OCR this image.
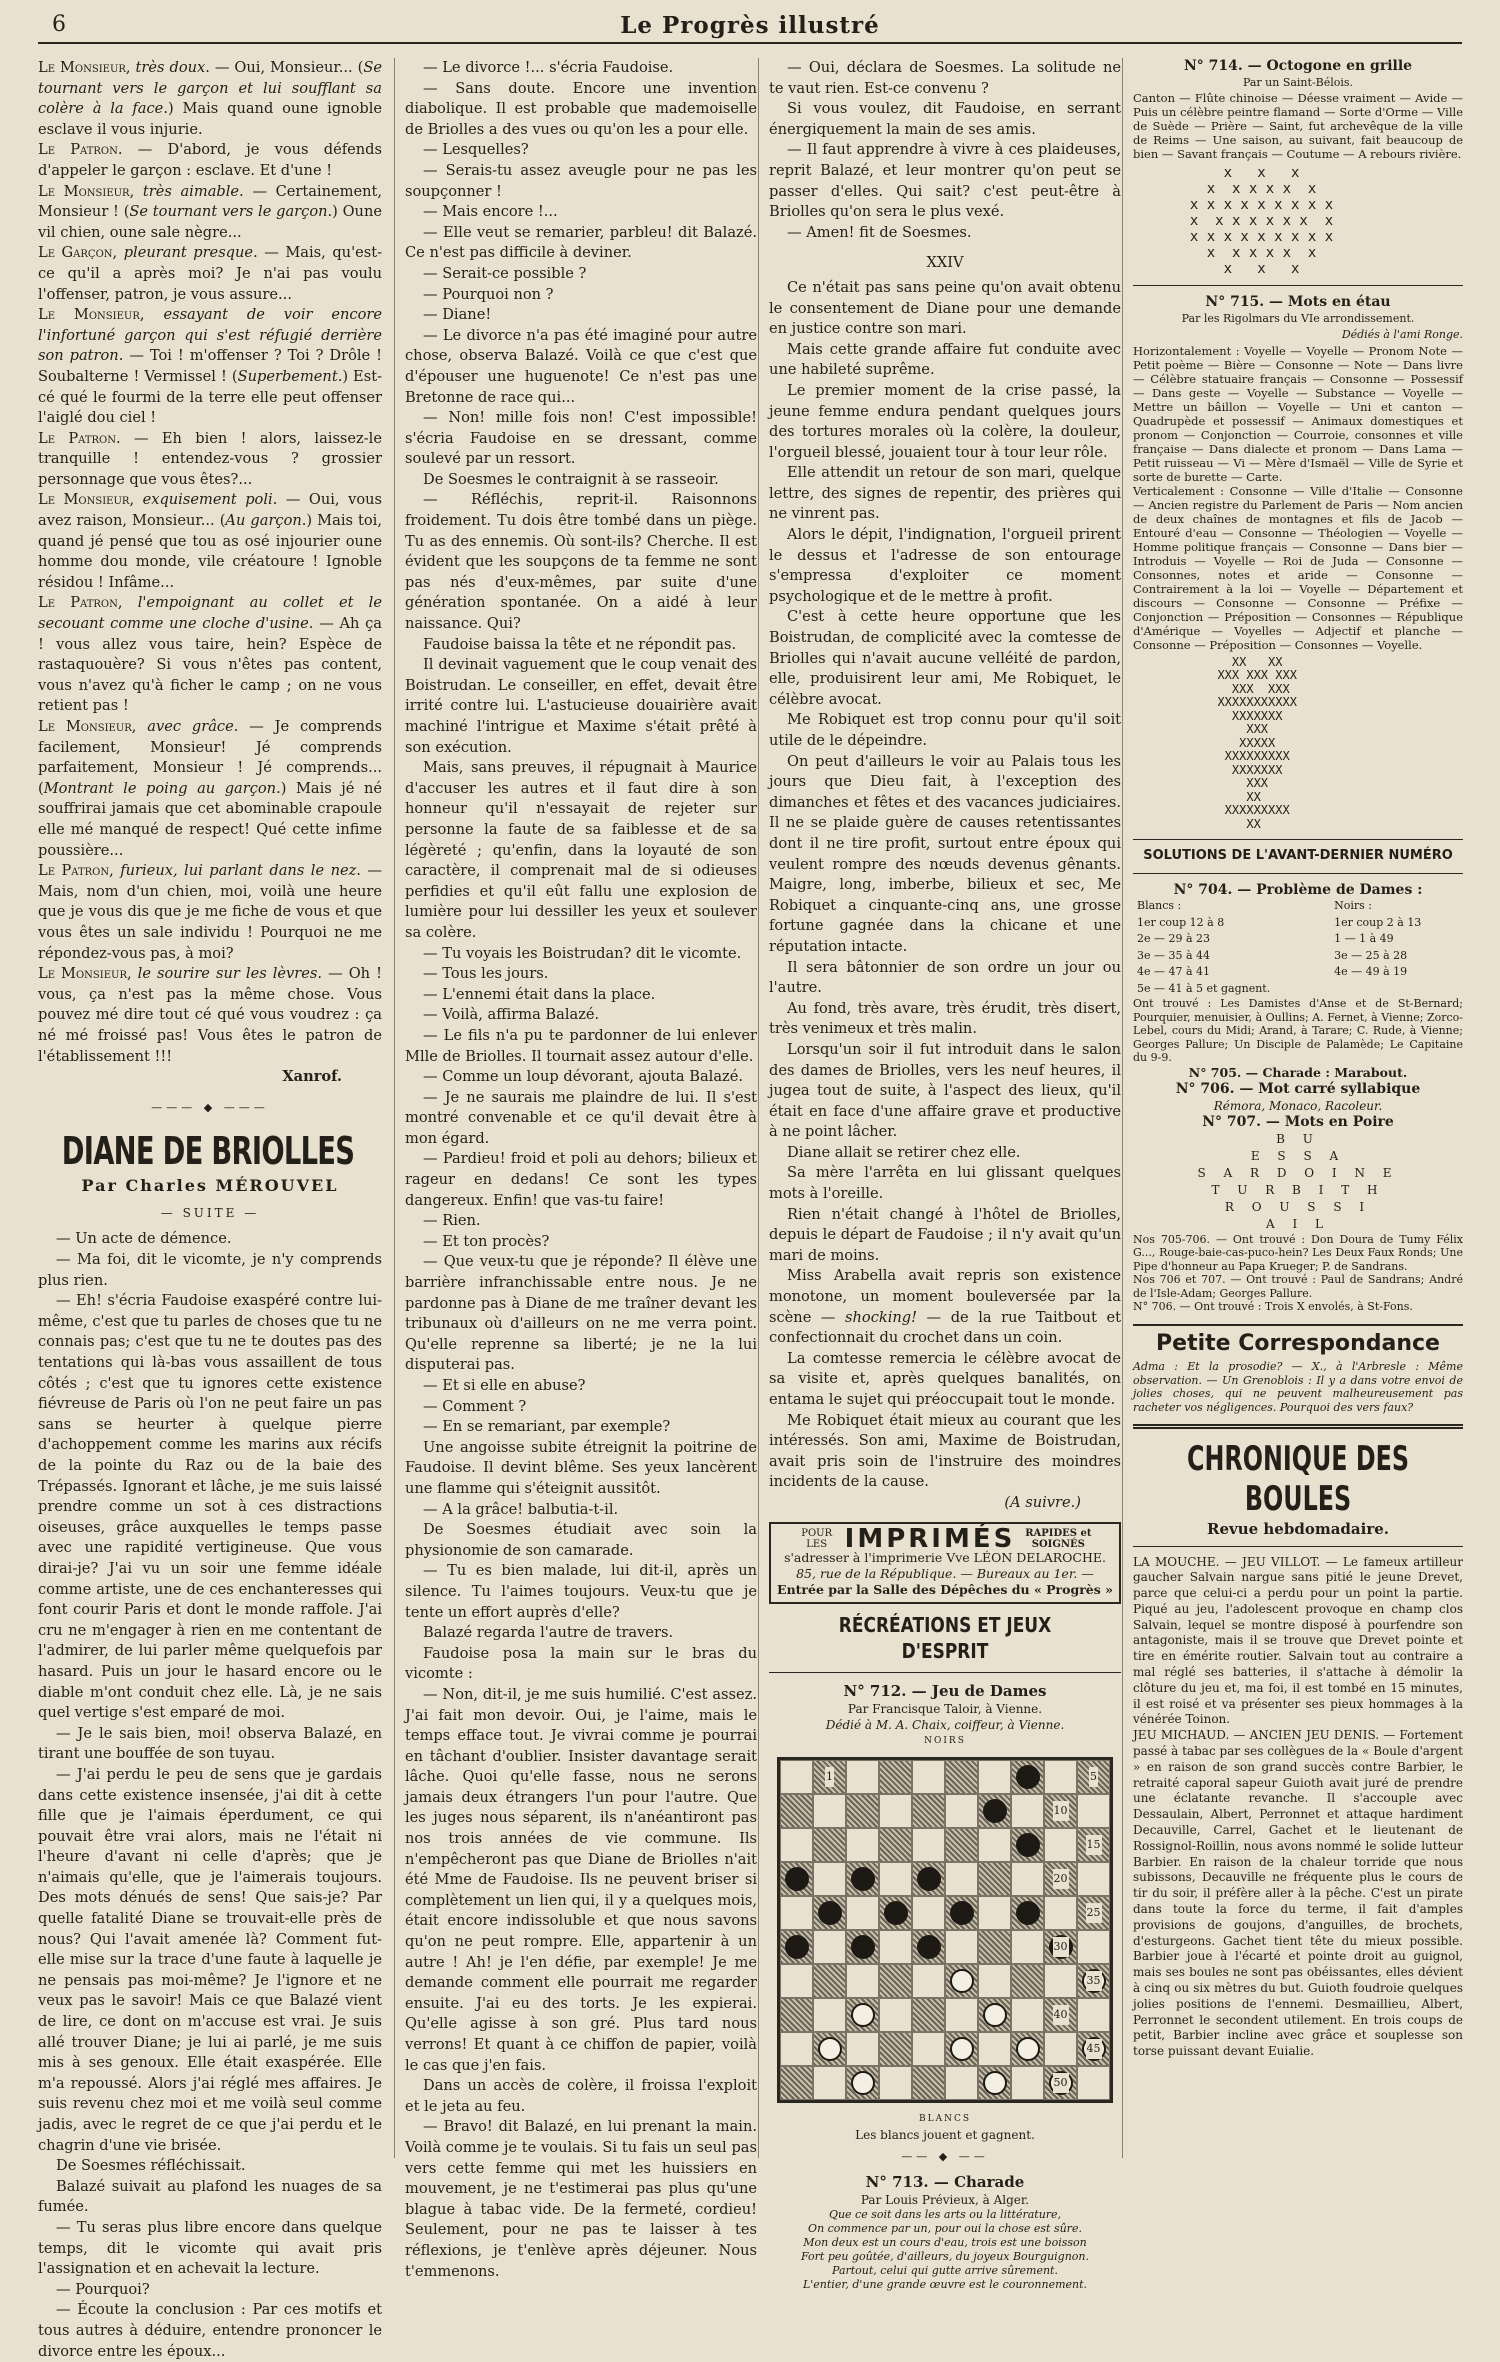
6	Le Progrès illustré

Le Monsieur, très doux. — Oui, Monsieur... (Se tournant vers le garçon et lui soufflant sa colère à la face.) Mais quand oune ignoble esclave il vous injurie.

Le Patron. — D'abord, je vous défends d'appeler le garçon : esclave. Et d'une !

Le Monsieur, très aimable. — Certainement, Monsieur ! (Se tournant vers le garçon.) Oune vil chien, oune sale nègre...

Le Garçon, pleurant presque. — Mais, qu'est-ce qu'il a après moi? Je n'ai pas voulu l'offenser, patron, je vous assure...

Le Monsieur, essayant de voir encore l'infortuné garçon qui s'est réfugié derrière son patron. — Toi ! m'offenser ? Toi ? Drôle ! Soubalterne ! Vermissel ! (Superbement.) Est-cé qué le fourmi de la terre elle peut offenser l'aiglé dou ciel !

Le Patron. — Eh bien ! alors, laissez-le tranquille ! entendez-vous ? grossier personnage que vous êtes?...

Le Monsieur, exquisement poli. — Oui, vous avez raison, Monsieur... (Au garçon.) Mais toi, quand jé pensé que tou as osé injourier oune homme dou monde, vile créatoure ! Ignoble résidou ! Infâme...

Le Patron, l'empoignant au collet et le secouant comme une cloche d'usine. — Ah ça ! vous allez vous taire, hein? Espèce de rastaquouère? Si vous n'êtes pas content, vous n'avez qu'à ficher le camp ; on ne vous retient pas !

Le Monsieur, avec grâce. — Je comprends facilement, Monsieur! Jé comprends parfaitement, Monsieur ! Jé comprends... (Montrant le poing au garçon.) Mais jé né souffrirai jamais que cet abominable crapoule elle mé manqué de respect! Qué cette infime poussière...

Le Patron, furieux, lui parlant dans le nez. — Mais, nom d'un chien, moi, voilà une heure que je vous dis que je me fiche de vous et que vous êtes un sale individu ! Pourquoi ne me répondez-vous pas, à moi?

Le Monsieur, le sourire sur les lèvres. — Oh ! vous, ça n'est pas la même chose. Vous pouvez mé dire tout cé qué vous voudrez : ça né mé froissé pas! Vous êtes le patron de l'établissement !!!

Xanrof.

——— ◆ ———
DIANE DE BRIOLLES
Par Charles MÉROUVEL
— SUITE —

— Un acte de démence.

— Ma foi, dit le vicomte, je n'y comprends plus rien.

— Eh! s'écria Faudoise exaspéré contre lui-même, c'est que tu parles de choses que tu ne connais pas; c'est que tu ne te doutes pas des tentations qui là-bas vous assaillent de tous côtés ; c'est que tu ignores cette existence fiévreuse de Paris où l'on ne peut faire un pas sans se heurter à quelque pierre d'achoppement comme les marins aux récifs de la pointe du Raz ou de la baie des Trépassés. Ignorant et lâche, je me suis laissé prendre comme un sot à ces distractions oiseuses, grâce auxquelles le temps passe avec une rapidité vertigineuse. Que vous dirai-je? J'ai vu un soir une femme idéale comme artiste, une de ces enchanteresses qui font courir Paris et dont le monde raffole. J'ai cru ne m'engager à rien en me contentant de l'admirer, de lui parler même quelquefois par hasard. Puis un jour le hasard encore ou le diable m'ont conduit chez elle. Là, je ne sais quel vertige s'est emparé de moi.

— Je le sais bien, moi! observa Balazé, en tirant une bouffée de son tuyau.

— J'ai perdu le peu de sens que je gardais dans cette existence insensée, j'ai dit à cette fille que je l'aimais éperdument, ce qui pouvait être vrai alors, mais ne l'était ni l'heure d'avant ni celle d'après; que je n'aimais qu'elle, que je l'aimerais toujours. Des mots dénués de sens! Que sais-je? Par quelle fatalité Diane se trouvait-elle près de nous? Qui l'avait amenée là? Comment fut-elle mise sur la trace d'une faute à laquelle je ne pensais pas moi-même? Je l'ignore et ne veux pas le savoir! Mais ce que Balazé vient de lire, ce dont on m'accuse est vrai. Je suis allé trouver Diane; je lui ai parlé, je me suis mis à ses genoux. Elle était exaspérée. Elle m'a repoussé. Alors j'ai réglé mes affaires. Je suis revenu chez moi et me voilà seul comme jadis, avec le regret de ce que j'ai perdu et le chagrin d'une vie brisée.

De Soesmes réfléchissait.

Balazé suivait au plafond les nuages de sa fumée.

— Tu seras plus libre encore dans quelque temps, dit le vicomte qui avait pris l'assignation et en achevait la lecture.

— Pourquoi?

— Écoute la conclusion : Par ces motifs et tous autres à déduire, entendre prononcer le divorce entre les époux...

— Le divorce !... s'écria Faudoise.

— Sans doute. Encore une invention diabolique. Il est probable que mademoiselle de Briolles a des vues ou qu'on les a pour elle.

— Lesquelles?

— Serais-tu assez aveugle pour ne pas les soupçonner !

— Mais encore !...

— Elle veut se remarier, parbleu! dit Balazé. Ce n'est pas difficile à deviner.

— Serait-ce possible ?

— Pourquoi non ?

— Diane!

— Le divorce n'a pas été imaginé pour autre chose, observa Balazé. Voilà ce que c'est que d'épouser une huguenote! Ce n'est pas une Bretonne de race qui...

— Non! mille fois non! C'est impossible! s'écria Faudoise en se dressant, comme soulevé par un ressort.

De Soesmes le contraignit à se rasseoir.

— Réfléchis, reprit-il. Raisonnons froidement. Tu dois être tombé dans un piège. Tu as des ennemis. Où sont-ils? Cherche. Il est évident que les soupçons de ta femme ne sont pas nés d'eux-mêmes, par suite d'une génération spontanée. On a aidé à leur naissance. Qui?

Faudoise baissa la tête et ne répondit pas.

Il devinait vaguement que le coup venait des Boistrudan. Le conseiller, en effet, devait être irrité contre lui. L'astucieuse douairière avait machiné l'intrigue et Maxime s'était prêté à son exécution.

Mais, sans preuves, il répugnait à Maurice d'accuser les autres et il faut dire à son honneur qu'il n'essayait de rejeter sur personne la faute de sa faiblesse et de sa légèreté ; qu'enfin, dans la loyauté de son caractère, il comprenait mal de si odieuses perfidies et qu'il eût fallu une explosion de lumière pour lui dessiller les yeux et soulever sa colère.

— Tu voyais les Boistrudan? dit le vicomte.

— Tous les jours.

— L'ennemi était dans la place.

— Voilà, affirma Balazé.

— Le fils n'a pu te pardonner de lui enlever Mlle de Briolles. Il tournait assez autour d'elle.

— Comme un loup dévorant, ajouta Balazé.

— Je ne saurais me plaindre de lui. Il s'est montré convenable et ce qu'il devait être à mon égard.

— Pardieu! froid et poli au dehors; bilieux et rageur en dedans! Ce sont les types dangereux. Enfin! que vas-tu faire!

— Rien.

— Et ton procès?

— Que veux-tu que je réponde? Il élève une barrière infranchissable entre nous. Je ne pardonne pas à Diane de me traîner devant les tribunaux où d'ailleurs on ne me verra point. Qu'elle reprenne sa liberté; je ne la lui disputerai pas.

— Et si elle en abuse?

— Comment ?

— En se remariant, par exemple?

Une angoisse subite étreignit la poitrine de Faudoise. Il devint blême. Ses yeux lancèrent une flamme qui s'éteignit aussitôt.

— A la grâce! balbutia-t-il.

De Soesmes étudiait avec soin la physionomie de son camarade.

— Tu es bien malade, lui dit-il, après un silence. Tu l'aimes toujours. Veux-tu que je tente un effort auprès d'elle?

Balazé regarda l'autre de travers.

Faudoise posa la main sur le bras du vicomte :

— Non, dit-il, je me suis humilié. C'est assez. J'ai fait mon devoir. Oui, je l'aime, mais le temps efface tout. Je vivrai comme je pourrai en tâchant d'oublier. Insister davantage serait lâche. Quoi qu'elle fasse, nous ne serons jamais deux étrangers l'un pour l'autre. Que les juges nous séparent, ils n'anéantiront pas nos trois années de vie commune. Ils n'empêcheront pas que Diane de Briolles n'ait été Mme de Faudoise. Ils ne peuvent briser si complètement un lien qui, il y a quelques mois, était encore indissoluble et que nous savons qu'on ne peut rompre. Elle, appartenir à un autre ! Ah! je l'en défie, par exemple! Je me demande comment elle pourrait me regarder ensuite. J'ai eu des torts. Je les expierai. Qu'elle agisse à son gré. Plus tard nous verrons! Et quant à ce chiffon de papier, voilà le cas que j'en fais.

Dans un accès de colère, il froissa l'exploit et le jeta au feu.

— Bravo! dit Balazé, en lui prenant la main. Voilà comme je te voulais. Si tu fais un seul pas vers cette femme qui met les huissiers en mouvement, je ne t'estimerai pas plus qu'une blague à tabac vide. De la fermeté, cordieu! Seulement, pour ne pas te laisser à tes réflexions, je t'enlève après déjeuner. Nous t'emmenons.

— Oui, déclara de Soesmes. La solitude ne te vaut rien. Est-ce convenu ?

Si vous voulez, dit Faudoise, en serrant énergiquement la main de ses amis.

— Il faut apprendre à vivre à ces plaideuses, reprit Balazé, et leur montrer qu'on peut se passer d'elles. Qui sait? c'est peut-être à Briolles qu'on sera le plus vexé.

— Amen! fit de Soesmes.

XXIV

Ce n'était pas sans peine qu'on avait obtenu le consentement de Diane pour une demande en justice contre son mari.

Mais cette grande affaire fut conduite avec une habileté suprême.

Le premier moment de la crise passé, la jeune femme endura pendant quelques jours des tortures morales où la colère, la douleur, l'orgueil blessé, jouaient tour à tour leur rôle.

Elle attendit un retour de son mari, quelque lettre, des signes de repentir, des prières qui ne vinrent pas.

Alors le dépit, l'indignation, l'orgueil prirent le dessus et l'adresse de son entourage s'empressa d'exploiter ce moment psychologique et de le mettre à profit.

C'est à cette heure opportune que les Boistrudan, de complicité avec la comtesse de Briolles qui n'avait aucune velléité de pardon, elle, produisirent leur ami, Me Robiquet, le célèbre avocat.

Me Robiquet est trop connu pour qu'il soit utile de le dépeindre.

On peut d'ailleurs le voir au Palais tous les jours que Dieu fait, à l'exception des dimanches et fêtes et des vacances judiciaires. Il ne se plaide guère de causes retentissantes dont il ne tire profit, surtout entre époux qui veulent rompre des nœuds devenus gênants. Maigre, long, imberbe, bilieux et sec, Me Robiquet a cinquante-cinq ans, une grosse fortune gagnée dans la chicane et une réputation intacte.

Il sera bâtonnier de son ordre un jour ou l'autre.

Au fond, très avare, très érudit, très disert, très venimeux et très malin.

Lorsqu'un soir il fut introduit dans le salon des dames de Briolles, vers les neuf heures, il jugea tout de suite, à l'aspect des lieux, qu'il était en face d'une affaire grave et productive à ne point lâcher.

Diane allait se retirer chez elle.

Sa mère l'arrêta en lui glissant quelques mots à l'oreille.

Rien n'était changé à l'hôtel de Briolles, depuis le départ de Faudoise ; il n'y avait qu'un mari de moins.

Miss Arabella avait repris son existence monotone, un moment bouleversée par la scène — shocking! — de la rue Taitbout et confectionnait du crochet dans un coin.

La comtesse remercia le célèbre avocat de sa visite et, après quelques banalités, on entama le sujet qui préoccupait tout le monde.

Me Robiquet était mieux au courant que les intéressés. Son ami, Maxime de Boistrudan, avait pris soin de l'instruire des moindres incidents de la cause.

(A suivre.)

POUR LES IMPRIMÉS RAPIDES et SOIGNÉS
s'adresser à l'imprimerie Vve LÉON DELAROCHE.
85, rue de la République. — Bureaux au 1er. —
Entrée par la Salle des Dépêches du « Progrès »
RÉCRÉATIONS ET JEUX D'ESPRIT
N° 712. — Jeu de Dames
Par Francisque Taloir, à Vienne.
Dédié à M. A. Chaix, coiffeur, à Vienne.
NOIRS
1	5
10
15
20
25
30
35
40
45
50
BLANCS
Les blancs jouent et gagnent.
—— ◆ ——
N° 713. — Charade
Par Louis Prévieux, à Alger.
Que ce soit dans les arts ou la littérature,
On commence par un, pour oui la chose est sûre.
Mon deux est un cours d'eau, trois est une boisson
Fort peu goûtée, d'ailleurs, du joyeux Bourguignon.
Partout, celui qui gutte arrive sûrement.
L'entier, d'une grande œuvre est le couronnement.

N° 714. — Octogone en grille

Par un Saint-Bélois.

Canton — Flûte chinoise — Déesse vraiment — Avide — Puis un célèbre peintre flamand — Sorte d'Orme — Ville de Suède — Prière — Saint, fut archevêque de la ville de Reims — Une saison, au suivant, fait beaucoup de bien — Savant français — Coutume — A rebours rivière.

x   x   x
x  x x x x  x
x x x x x x x x x
x  x x x x x x  x
x x x x x x x x x
x  x x x x  x
x   x   x

N° 715. — Mots en étau

Par les Rigolmars du VIe arrondissement.

Dédiés à l'ami Ronge.

Horizontalement : Voyelle — Voyelle — Pronom Note — Petit poème — Bière — Consonne — Note — Dans livre — Célèbre statuaire français — Consonne — Possessif — Dans geste — Voyelle — Substance — Voyelle — Mettre un bâillon — Voyelle — Uni et canton — Quadrupède et possessif — Animaux domestiques et pronom — Conjonction — Courroie, consonnes et ville française — Dans dialecte et pronom — Dans Lama — Petit ruisseau — Vi — Mère d'Ismaël — Ville de Syrie et sorte de burette — Carte.

Verticalement : Consonne — Ville d'Italie — Consonne — Ancien registre du Parlement de Paris — Nom ancien de deux chaînes de montagnes et fils de Jacob — Entouré d'eau — Consonne — Théologien — Voyelle — Homme politique français — Consonne — Dans bier — Introduis — Voyelle — Roi de Juda — Consonne — Consonnes, notes et aride — Consonne — Contrairement à la loi — Voyelle — Département et discours — Consonne — Consonne — Préfixe — Conjonction — Préposition — Consonnes — République d'Amérique — Voyelles — Adjectif et planche — Consonne — Préposition — Consonnes — Voyelle.

XX   XX
XXX XXX XXX
XXX  XXX
XXXXXXXXXXX
XXXXXXX
XXX
XXXXX
XXXXXXXXX
XXXXXXX
XXX
XX
XXXXXXXXX
XX

SOLUTIONS DE L'AVANT-DERNIER NUMÉRO

N° 704. — Problème de Dames :

Blancs :	Noirs :
1er coup 12 à 8	1er coup 2 à 13
2e — 29 à 23	1 — 1 à 49
3e — 35 à 44	3e — 25 à 28
4e — 47 à 41	4e — 49 à 19
5e — 41 à 5 et gagnent.	

Ont trouvé : Les Damistes d'Anse et de St-Bernard; Pourquier, menuisier, à Oullins; A. Fernet, à Vienne; Zorco-Lebel, cours du Midi; Arand, à Tarare; C. Rude, à Vienne; Georges Pallure; Un Disciple de Palamède; Le Capitaine du 9-9.

N° 705. — Charade : Marabout.

N° 706. — Mot carré syllabique

Rémora, Monaco, Racoleur.

N° 707. — Mots en Poire

B U
E S S A
S A R D O I N E
T U R B I T H
R O U S S I
A I L

Nos 705-706. — Ont trouvé : Don Doura de Tumy Félix G..., Rouge-baie-cas-puco-hein? Les Deux Faux Ronds; Une Pipe d'honneur au Papa Krueger; P. de Sandrans.

Nos 706 et 707. — Ont trouvé : Paul de Sandrans; André de l'Isle-Adam; Georges Pallure.

N° 706. — Ont trouvé : Trois X envolés, à St-Fons.

Petite Correspondance

Adma : Et la prosodie? — X., à l'Arbresle : Même observation. — Un Grenoblois : Il y a dans votre envoi de jolies choses, qui ne peuvent malheureusement pas racheter vos négligences. Pourquoi des vers faux?

CHRONIQUE DES BOULES

Revue hebdomadaire.

LA MOUCHE. — JEU VILLOT. — Le fameux artilleur gaucher Salvain nargue sans pitié le jeune Drevet, parce que celui-ci a perdu pour un point la partie. Piqué au jeu, l'adolescent provoque en champ clos Salvain, lequel se montre disposé à pourfendre son antagoniste, mais il se trouve que Drevet pointe et tire en émérite routier. Salvain tout au contraire a mal réglé ses batteries, il s'attache à démolir la clôture du jeu et, ma foi, il est tombé en 15 minutes, il est roisé et va présenter ses pieux hommages à la vénérée Toinon.

JEU MICHAUD. — ANCIEN JEU DENIS. — Fortement passé à tabac par ses collègues de la « Boule d'argent » en raison de son grand succès contre Barbier, le retraité caporal sapeur Guioth avait juré de prendre une éclatante revanche. Il s'accouple avec Dessaulain, Albert, Perronnet et attaque hardiment Decauville, Carrel, Gachet et le lieutenant de Rossignol-Roillin, nous avons nommé le solide lutteur Barbier. En raison de la chaleur torride que nous subissons, Decauville ne fréquente plus le cours de tir du soir, il préfère aller à la pêche. C'est un pirate dans toute la force du terme, il fait d'amples provisions de goujons, d'anguilles, de brochets, d'esturgeons. Gachet tient tête du mieux possible. Barbier joue à l'écarté et pointe droit au guignol, mais ses boules ne sont pas obéissantes, elles dévient à cinq ou six mètres du but. Guioth foudroie quelques jolies positions de l'ennemi. Desmaillieu, Albert, Perronnet le secondent utilement. En trois coups de petit, Barbier incline avec grâce et souplesse son torse puissant devant Euialie.
